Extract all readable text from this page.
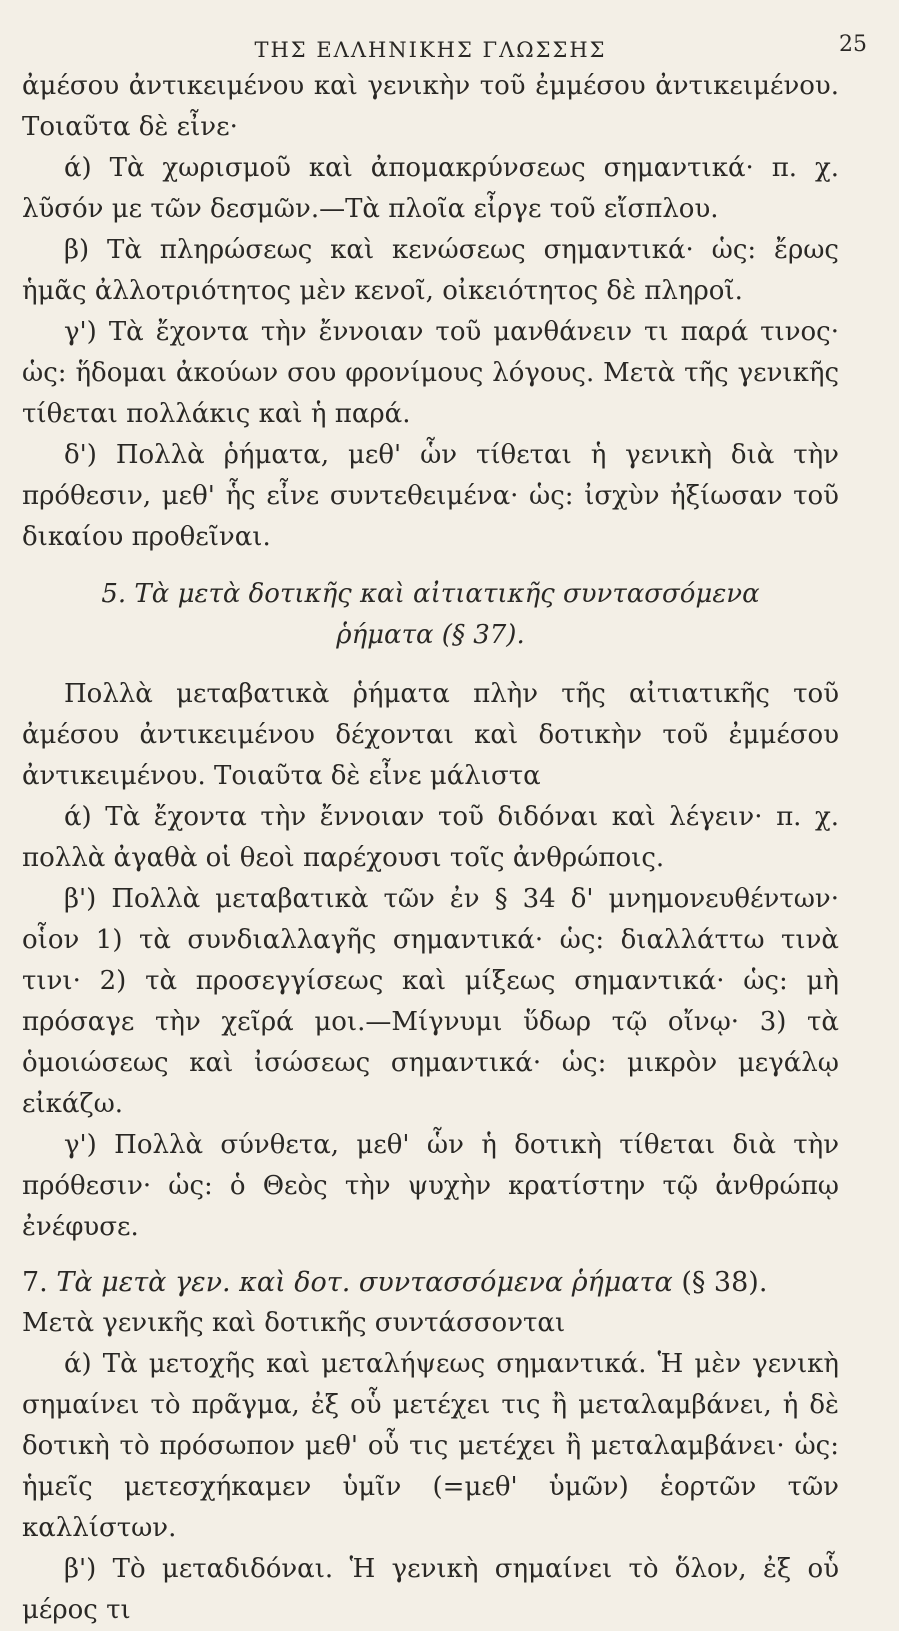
ΤΗΣ ΕΛΛΗΝΙΚΗΣ ΓΛΩΣΣΗΣ	25

ἀμέσου ἀντικειμένου καὶ γενικὴν τοῦ ἐμμέσου ἀντικειμένου. Τοιαῦτα δὲ εἶνε·

ά) Τὰ χωρισμοῦ καὶ ἀπομακρύνσεως σημαντικά· π. χ. λῦσόν με τῶν δεσμῶν.—Τὰ πλοῖα εἶργε τοῦ εἴσπλου.

β) Τὰ πληρώσεως καὶ κενώσεως σημαντικά· ὡς: ἔρως ἡμᾶς ἀλλοτριότητος μὲν κενοῖ, οἰκειότητος δὲ πληροῖ.

γ') Τὰ ἔχοντα τὴν ἔννοιαν τοῦ μανθάνειν τι παρά τινος· ὡς: ἥδομαι ἀκούων σου φρονίμους λόγους. Μετὰ τῆς γενικῆς τίθεται πολλάκις καὶ ἡ παρά.

δ') Πολλὰ ῥήματα, μεθ' ὧν τίθεται ἡ γενικὴ διὰ τὴν πρόθεσιν, μεθ' ἧς εἶνε συντεθειμένα· ὡς: ἰσχὺν ἠξίωσαν τοῦ δικαίου προθεῖναι.

5. Τὰ μετὰ δοτικῆς καὶ αἰτιατικῆς συντασσόμενα

ῥήματα (§ 37).

Πολλὰ μεταβατικὰ ῥήματα πλὴν τῆς αἰτιατικῆς τοῦ ἀμέσου ἀντικειμένου δέχονται καὶ δοτικὴν τοῦ ἐμμέσου ἀντικειμένου. Τοιαῦτα δὲ εἶνε μάλιστα

ά) Τὰ ἔχοντα τὴν ἔννοιαν τοῦ διδόναι καὶ λέγειν· π. χ. πολλὰ ἀγαθὰ οἱ θεοὶ παρέχουσι τοῖς ἀνθρώποις.

β') Πολλὰ μεταβατικὰ τῶν ἐν § 34 δ' μνημονευθέντων· οἷον 1) τὰ συνδιαλλαγῆς σημαντικά· ὡς: διαλλάττω τινὰ τινι· 2) τὰ προσεγγίσεως καὶ μίξεως σημαντικά· ὡς: μὴ πρόσαγε τὴν χεῖρά μοι.—Μίγνυμι ὕδωρ τῷ οἴνῳ· 3) τὰ ὁμοιώσεως καὶ ἰσώσεως σημαντικά· ὡς: μικρὸν μεγάλῳ εἰκάζω.

γ') Πολλὰ σύνθετα, μεθ' ὧν ἡ δοτικὴ τίθεται διὰ τὴν πρόθεσιν· ὡς: ὁ Θεὸς τὴν ψυχὴν κρατίστην τῷ ἀνθρώπῳ ἐνέφυσε.

7. Τὰ μετὰ γεν. καὶ δοτ. συντασσόμενα ῥήματα (§ 38).

Μετὰ γενικῆς καὶ δοτικῆς συντάσσονται

ά) Τὰ μετοχῆς καὶ μεταλήψεως σημαντικά. Ἡ μὲν γενικὴ σημαίνει τὸ πρᾶγμα, ἐξ οὗ μετέχει τις ἢ μεταλαμβάνει, ἡ δὲ δοτικὴ τὸ πρόσωπον μεθ' οὗ τις μετέχει ἢ μεταλαμβάνει· ὡς: ἡμεῖς μετεσχήκαμεν ὑμῖν (=μεθ' ὑμῶν) ἑορτῶν τῶν καλλίστων.

β') Τὸ μεταδιδόναι. Ἡ γενικὴ σημαίνει τὸ ὅλον, ἐξ οὗ μέρος τι
